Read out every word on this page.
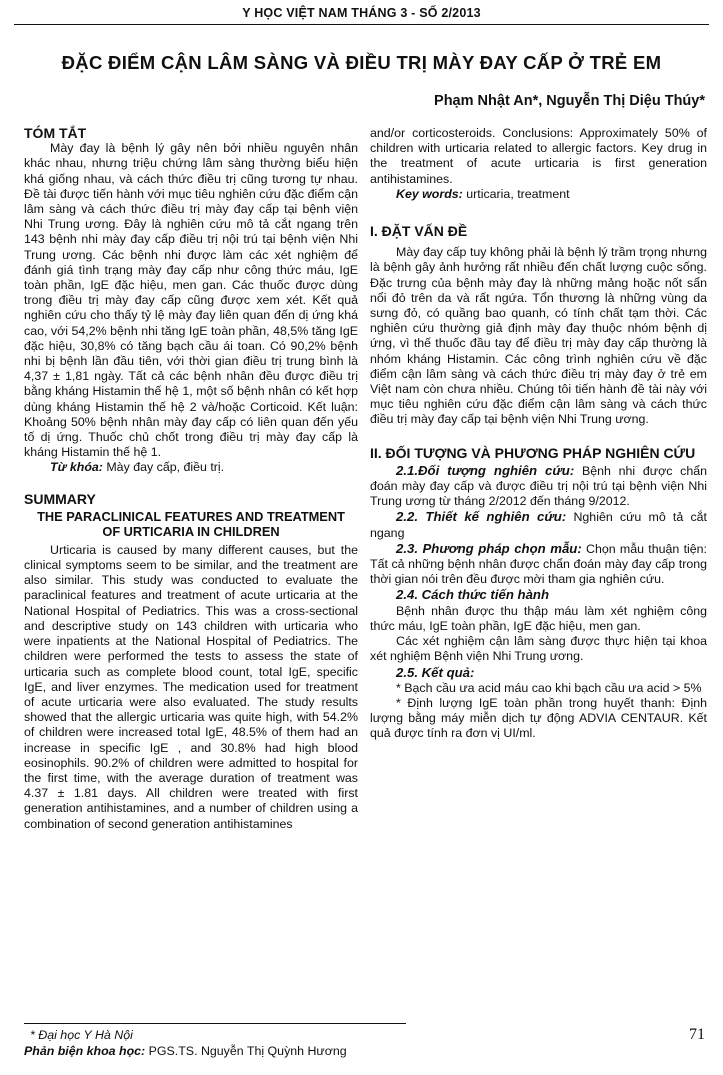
Y HỌC VIỆT NAM THÁNG 3 - SỐ 2/2013
ĐẶC ĐIỂM CẬN LÂM SÀNG VÀ ĐIỀU TRỊ MÀY ĐAY CẤP Ở TRẺ EM
Phạm Nhật An*, Nguyễn Thị Diệu Thúy*
TÓM TẮT

Mày đay là bệnh lý gây nên bởi nhiều nguyên nhân khác nhau, nhưng triệu chứng lâm sàng thường biểu hiện khá giống nhau, và cách thức điều trị cũng tương tự nhau. Đề tài được tiến hành với mục tiêu nghiên cứu đặc điểm cận lâm sàng và cách thức điều trị mày đay cấp tại bệnh viện Nhi Trung ương. Đây là nghiên cứu mô tả cắt ngang trên 143 bệnh nhi mày đay cấp điều trị nội trú tại bệnh viện Nhi Trung ương. Các bệnh nhi được làm các xét nghiệm để đánh giá tình trạng mày đay cấp như công thức máu, IgE toàn phần, IgE đặc hiệu, men gan. Các thuốc được dùng trong điều trị mày đay cấp cũng được xem xét. Kết quả nghiên cứu cho thấy tỷ lệ mày đay liên quan đến dị ứng khá cao, với 54,2% bệnh nhi tăng IgE toàn phần, 48,5% tăng IgE đặc hiệu, 30,8% có tăng bạch cầu ái toan. Có 90,2% bệnh nhi bị bệnh lần đầu tiên, với thời gian điều trị trung bình là 4,37 ± 1,81 ngày. Tất cả các bệnh nhân đều được điều trị bằng kháng Histamin thế hệ 1, một số bệnh nhân có kết hợp dùng kháng Histamin thế hệ 2 và/hoặc Corticoid. Kết luận: Khoảng 50% bệnh nhân mày đay cấp có liên quan đến yếu tố dị ứng. Thuốc chủ chốt trong điều trị mày đay cấp là kháng Histamin thế hệ 1.

Từ khóa: Mày đay cấp, điều trị.

SUMMARY
THE PARACLINICAL FEATURES AND TREATMENT
OF URTICARIA IN CHILDREN

Urticaria is caused by many different causes, but the clinical symptoms seem to be similar, and the treatment are also similar. This study was conducted to evaluate the paraclinical features and treatment of acute urticaria at the National Hospital of Pediatrics. This was a cross-sectional and descriptive study on 143 children with urticaria who were inpatients at the National Hospital of Pediatrics. The children were performed the tests to assess the state of urticaria such as complete blood count, total IgE, specific IgE, and liver enzymes. The medication used for treatment of acute urticaria were also evaluated. The study results showed that the allergic urticaria was quite high, with 54.2% of children were increased total IgE, 48.5% of them had an increase in specific IgE , and 30.8% had high blood eosinophils. 90.2% of children were admitted to hospital for the first time, with the average duration of treatment was 4.37 ± 1.81 days. All children were treated with first generation antihistamines, and a number of children using a combination of second generation antihistamines

and/or corticosteroids. Conclusions: Approximately 50% of children with urticaria related to allergic factors. Key drug in the treatment of acute urticaria is first generation antihistamines.

Key words: urticaria, treatment

I. ĐẶT VẤN ĐỀ

Mày đay cấp tuy không phải là bệnh lý trầm trọng nhưng là bệnh gây ảnh hưởng rất nhiều đến chất lượng cuộc sống. Đặc trưng của bệnh mày đay là những mảng hoặc nốt sẩn nổi đỏ trên da và rất ngứa. Tổn thương là những vùng da sưng đỏ, có quầng bao quanh, có tính chất tạm thời. Các nghiên cứu thường giả định mày đay thuộc nhóm bệnh dị ứng, vì thế thuốc đầu tay để điều trị mày đay cấp thường là nhóm kháng Histamin. Các công trình nghiên cứu về đặc điểm cận lâm sàng và cách thức điều trị mày đay ở trẻ em Việt nam còn chưa nhiều. Chúng tôi tiến hành đề tài này với mục tiêu nghiên cứu đặc điểm cận lâm sàng và cách thức điều trị mày đay cấp tại bệnh viện Nhi Trung ương.

II. ĐỐI TƯỢNG VÀ PHƯƠNG PHÁP NGHIÊN CỨU

2.1.Đối tượng nghiên cứu: Bệnh nhi được chẩn đoán mày đay cấp và được điều trị nội trú tại bệnh viện Nhi Trung ương từ tháng 2/2012 đến tháng 9/2012.

2.2. Thiết kế nghiên cứu: Nghiên cứu mô tả cắt ngang

2.3. Phương pháp chọn mẫu: Chọn mẫu thuận tiện: Tất cả những bệnh nhân được chẩn đoán mày đay cấp trong thời gian nói trên đều được mời tham gia nghiên cứu.

2.4. Cách thức tiến hành

Bệnh nhân được thu thập máu làm xét nghiệm công thức máu, IgE toàn phần, IgE đặc hiệu, men gan.

Các xét nghiệm cận lâm sàng được thực hiện tại khoa xét nghiệm Bệnh viện Nhi Trung ương.

2.5. Kết quả:

* Bạch cầu ưa acid máu cao khi bạch cầu ưa acid > 5%

* Định lượng IgE toàn phần trong huyết thanh: Định lượng bằng máy miễn dịch tự động ADVIA CENTAUR. Kết quả được tính ra đơn vị UI/ml.

* Đại học Y Hà Nội
Phản biện khoa học: PGS.TS. Nguyễn Thị Quỳnh Hương
71
